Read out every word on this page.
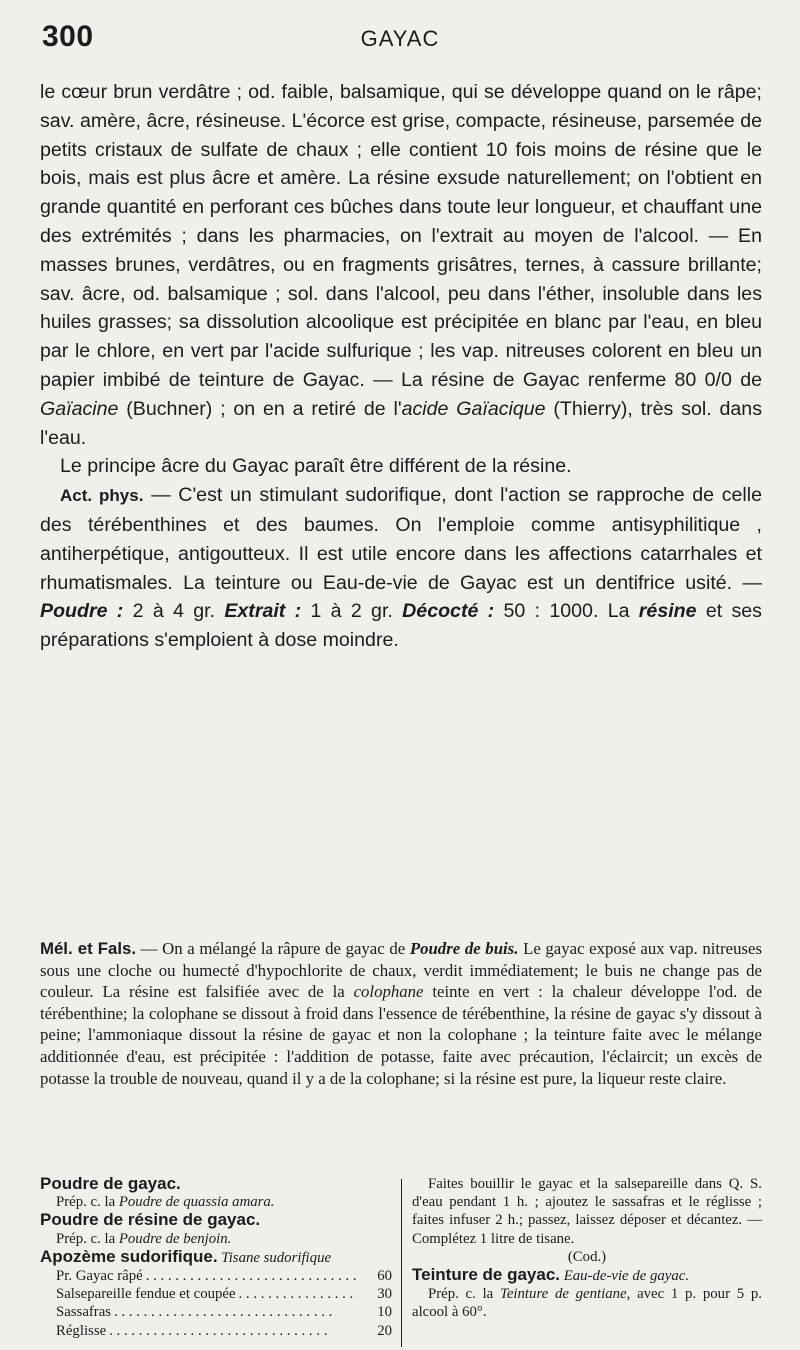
300	GAYAC

le cœur brun verdâtre ; od. faible, balsamique, qui se développe quand on le râpe; sav. amère, âcre, résineuse. L'écorce est grise, compacte, résineuse, parsemée de petits cristaux de sulfate de chaux ; elle contient 10 fois moins de résine que le bois, mais est plus âcre et amère. La résine exsude naturellement; on l'obtient en grande quantité en perforant ces bûches dans toute leur longueur, et chauffant une des extrémités ; dans les pharmacies, on l'extrait au moyen de l'alcool. — En masses brunes, verdâtres, ou en fragments grisâtres, ternes, à cassure brillante; sav. âcre, od. balsamique ; sol. dans l'alcool, peu dans l'éther, insoluble dans les huiles grasses; sa dissolution alcoolique est précipitée en blanc par l'eau, en bleu par le chlore, en vert par l'acide sulfurique ; les vap. nitreuses colorent en bleu un papier imbibé de teinture de Gayac. — La résine de Gayac renferme 80 0/0 de Gaïacine (Buchner) ; on en a retiré de l'acide Gaïacique (Thierry), très sol. dans l'eau.

Le principe âcre du Gayac paraît être différent de la résine.

Act. phys. — C'est un stimulant sudorifique, dont l'action se rapproche de celle des térébenthines et des baumes. On l'emploie comme antisyphilitique , antiherpétique, antigoutteux. Il est utile encore dans les affections catarrhales et rhumatismales. La teinture ou Eau-de-vie de Gayac est un dentifrice usité. — Poudre : 2 à 4 gr. Extrait : 1 à 2 gr. Décocté : 50 : 1000. La résine et ses préparations s'emploient à dose moindre.

Mél. et Fals. — On a mélangé la râpure de gayac de Poudre de buis. Le gayac exposé aux vap. nitreuses sous une cloche ou humecté d'hypochlorite de chaux, verdit immédiatement; le buis ne change pas de couleur. La résine est falsifiée avec de la colophane teinte en vert : la chaleur développe l'od. de térébenthine; la colophane se dissout à froid dans l'essence de térébenthine, la résine de gayac s'y dissout à peine; l'ammoniaque dissout la résine de gayac et non la colophane ; la teinture faite avec le mélange additionnée d'eau, est précipitée : l'addition de potasse, faite avec précaution, l'éclaircit; un excès de potasse la trouble de nouveau, quand il y a de la colophane; si la résine est pure, la liqueur reste claire.

Poudre de gayac.
Prép. c. la Poudre de quassia amara.
Poudre de résine de gayac.
Prép. c. la Poudre de benjoin.
Apozème sudorifique. Tisane sudorifique
Pr. Gayac râpé . . .	60
Salsepareille fendue et coupée . . .	30
Sassafras . . .	10
Réglisse . . .	20
Faites bouillir le gayac et la salsepareille dans Q. S. d'eau pendant 1 h. ; ajoutez le sassafras et le réglisse ; faites infuser 2 h.; passez, laissez déposer et décantez. — Complétez 1 litre de tisane.
(Cod.)
Teinture de gayac. Eau-de-vie de gayac.
Prép. c. la Teinture de gentiane, avec 1 p. pour 5 p. alcool à 60°.
